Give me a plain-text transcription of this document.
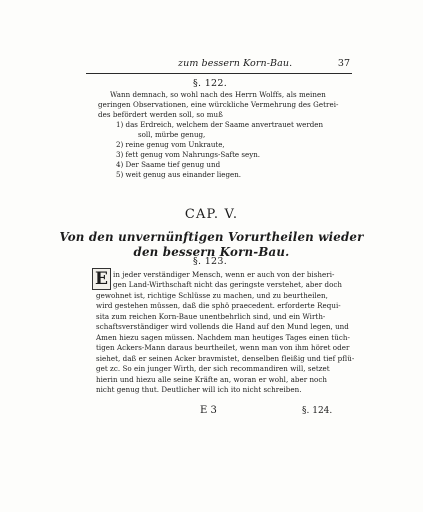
zum bessern Korn-Bau.	37
§. 122.
Wann demnach, so wohl nach des Herrn Wolffs, als meinen
geringen Observationen, eine würckliche Vermehrung des Getrei-
des befördert werden soll, so muß
1) das Erdreich, welchem der Saame anvertrauet werden
soll, mürbe genug,
2) reine genug vom Unkraute,
3) fett genug vom Nahrungs-Safte seyn.
4) Der Saame tief genug und
5) weit genug aus einander liegen.
CAP. V.
Von den unvernünftigen Vorurtheilen wieder
den bessern Korn-Bau.
§. 123.
E in jeder verständiger Mensch, wenn er auch von der bisheri-
gen Land-Wirthschaft nicht das geringste verstehet, aber doch
gewohnet ist, richtige Schlüsse zu machen, und zu beurtheilen,
wird gestehen müssen, daß die sphö praecedent. erforderte Requi-
sita zum reichen Korn-Baue unentbehrlich sind, und ein Wirth-
schaftsverständiger wird vollends die Hand auf den Mund legen, und
Amen hiezu sagen müssen. Nachdem man heutiges Tages einen tüch-
tigen Ackers-Mann daraus beurtheilet, wenn man von ihm höret oder
siehet, daß er seinen Acker bravmistet, denselben fleißig und tief pflü-
get zc. So ein junger Wirth, der sich recommandiren will, setzet
hierin und hiezu alle seine Kräfte an, woran er wohl, aber noch
nicht genug thut. Deutlicher will ich ito nicht schreiben.
E 3	§. 124.
